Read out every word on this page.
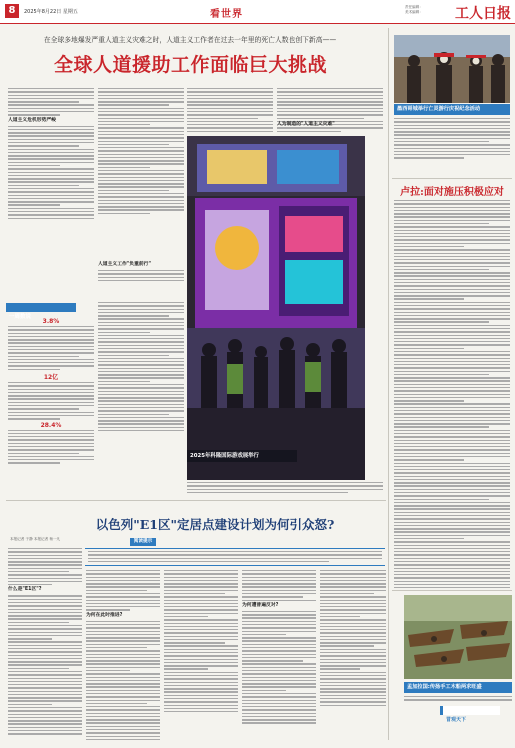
8	2025年8月22日 星期五	看世界
责任编辑：
美术编辑： 工人日报
在全球多地爆发严重人道主义灾难之时，人道主义工作者在过去一年里的死亡人数也创下新高——
全球人道援助工作面临巨大挑战
人道主义危机形势严峻
一周数说
3.8%
12亿
28.4%
2025年科隆国际游戏展举行
人道主义工作"负重前行"
墨西哥城举行亡灵游行庆祝纪念活动
卢拉:面对施压积极应对
孟加拉国:传扬手工木船两求旺盛
以色列"E1区"定居点建设计划为何引众怒?
本报记者 于静 本报记者 杨一凡	阅读提示
什么是"E1区"?
为何在此时推进?
为何遭普遍反对?
人为制造的"人道主义灾难"
冒观天下
